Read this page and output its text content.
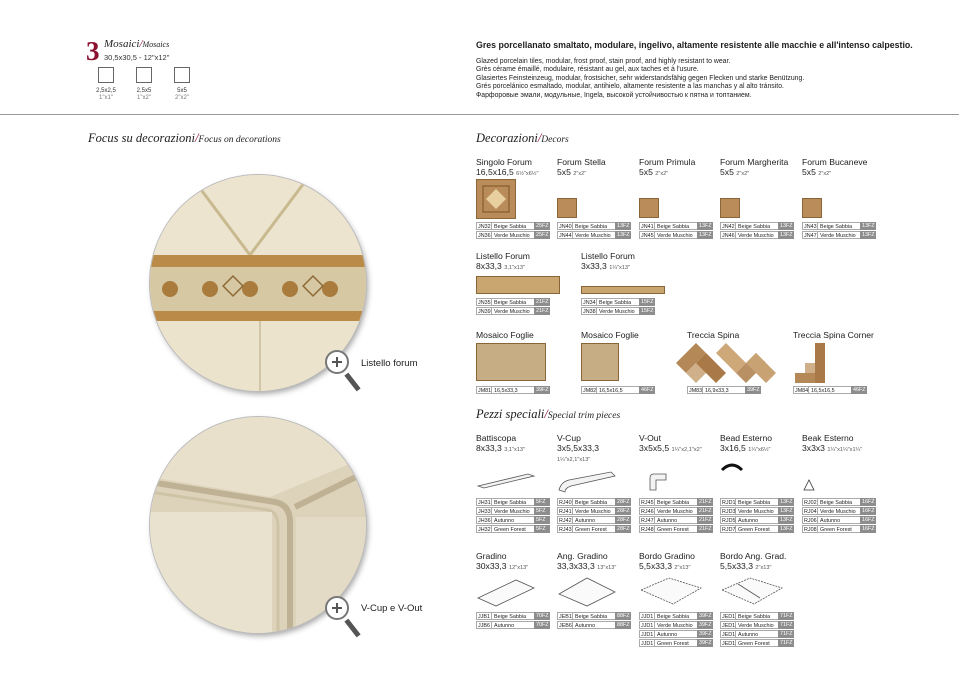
3 Mosaici/Mosaics
30,5x30,5 - 12"x12"
2,5x2,5
1"x1"
2,5x5
1"x2"
5x5
2"x2"
Gres porcellanato smaltato, modulare, ingelivo, altamente resistente alle macchie e all'intenso calpestio.
Glazed porcelain tiles, modular, frost proof, stain proof, and highly resistant to wear.
Grès cérame émaillé, modulaire, résistant au gel, aux taches et à l'usure.
Glasiertes Feinsteinzeug, modular, frostsicher, sehr widerstandsfähig gegen Flecken und starke Benützung.
Grés porcelánico esmaltado, modular, antihielo, altamente resistente a las manchas y al alto tránsito.
Фарфоровые эмали, модульные, Ingela, высокой устойчивостью к пятна и топтанием.
Focus su decorazioni/Focus on decorations
Listello forum
V-Cup e V-Out
Decorazioni/Decors
Singolo Forum
16,5x16,5 6½"x6½"
JN32 Beige Sabbia	25FZ
JN36 Verde Muschio	25FZ
Forum Stella
5x5 2"x2"
JN40 Beige Sabbia	13FZ
JN44 Verde Muschio	13FZ
Forum Primula
5x5 2"x2"
JN41 Beige Sabbia	13FZ
JN45 Verde Muschio	13FZ
Forum Margherita
5x5 2"x2"
JN42 Beige Sabbia	13FZ
JN46 Verde Muschio	13FZ
Forum Bucaneve
5x5 2"x2"
JN43 Beige Sabbia	13FZ
JN47 Verde Muschio	13FZ
Listello Forum
8x33,3 3,1"x13"
JN35 Beige Sabbia	21FZ
JN39 Verde Muschio	21FZ
Listello Forum
3x33,3 1¼"x13"
JN34 Beige Sabbia	15FZ
JN38 Verde Muschio	15FZ
Mosaico Foglie
JM81 16,5x33,3	39FZ
Mosaico Foglie
JM82 16,5x16,5	46FZ
Treccia Spina
JM83 16,9x33,3	39FZ
Treccia Spina Corner
JM84 16,5x16,5	46FZ
Pezzi speciali/Special trim pieces
Battiscopa
8x33,3 3,1"x13"
JH31 Beige Sabbia	5FZ
JH33 Verde Muschio	5FZ
JH36 Autunno	5FZ
JH32 Green Forest	5FZ
V-Cup
3x5,5x33,3
1¼"x2,1"x13"
RJ40 Beige Sabbia	28FZ
RJ41 Verde Muschio	28FZ
RJ42 Autunno	28FZ
RJ43 Green Forest	28FZ
V-Out
3x5x5,5 1¼"x2,1"x2"
RJ45 Beige Sabbia	21FZ
RJ46 Verde Muschio	21FZ
RJ47 Autunno	21FZ
RJ48 Green Forest	21FZ
Bead Esterno
3x16,5 1¼"x6½"
RJD1 Beige Sabbia	13FZ
RJD3 Verde Muschio	13FZ
RJD5 Autunno	13FZ
RJD7 Green Forest	13FZ
Beak Esterno
3x3x3 1¼"x1¼"x1¼"
RJ02 Beige Sabbia	16FZ
RJ04 Verde Muschio	16FZ
RJ06 Autunno	16FZ
RJ08 Green Forest	16FZ
Gradino
30x33,3 12"x13"
JJB1 Beige Sabbia	70FZ
JJB6 Autunno	70FZ
Ang. Gradino
33,3x33,3 13"x13"
JEB1 Beige Sabbia	88FZ
JEB6 Autunno	88FZ
Bordo Gradino
5,5x33,3 2"x13"
JJD1 Beige Sabbia	39FZ
JJD1 Verde Muschio	39FZ
JJD1 Autunno	39FZ
JJD1 Green Forest	39FZ
Bordo Ang. Grad.
5,5x33,3 2"x13"
JED1 Beige Sabbia	71FZ
JED1 Verde Muschio	71FZ
JED1 Autunno	71FZ
JED1 Green Forest	71FZ
